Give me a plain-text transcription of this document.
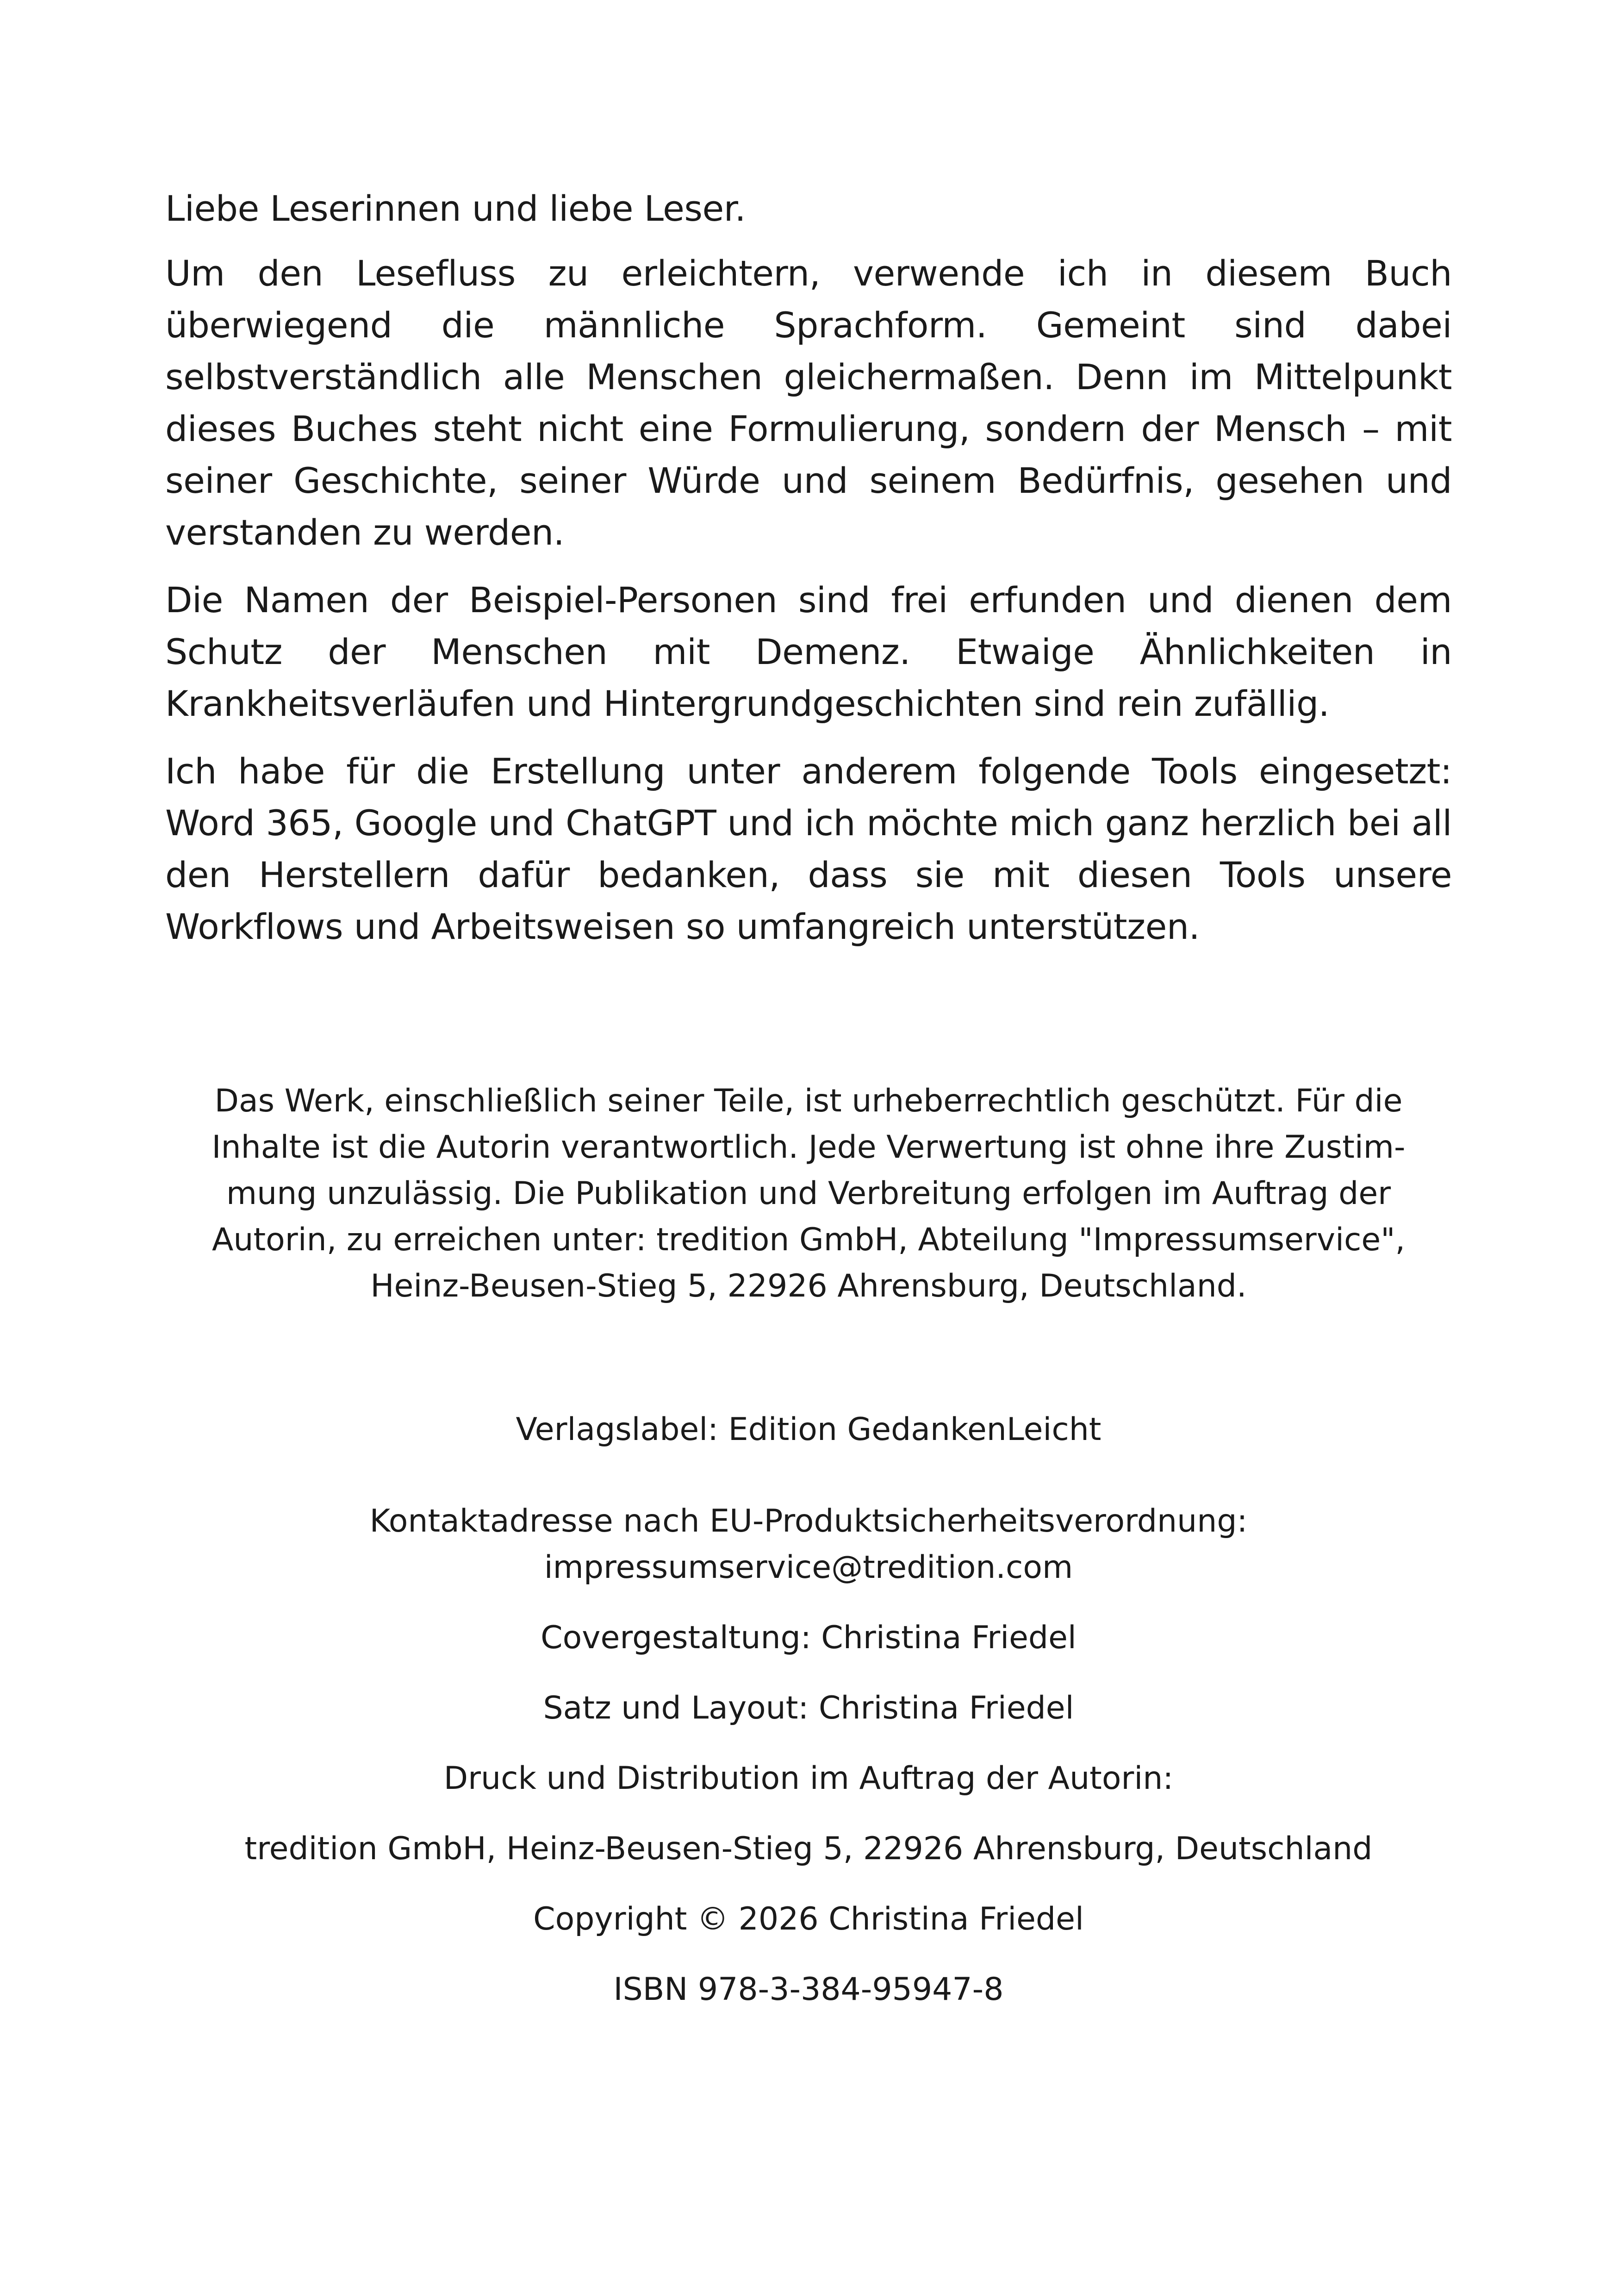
Liebe Leserinnen und liebe Leser.

Um den Lesefluss zu erleichtern, verwende ich in diesem Buch überwiegend die männliche Sprachform. Gemeint sind dabei selbstverständlich alle Menschen gleichermaßen. Denn im Mittelpunkt dieses Buches steht nicht eine Formulierung, sondern der Mensch – mit seiner Geschichte, seiner Würde und seinem Bedürfnis, gesehen und verstanden zu werden.

Die Namen der Beispiel-Personen sind frei erfunden und dienen dem Schutz der Menschen mit Demenz. Etwaige Ähnlichkeiten in Krankheitsverläufen und Hintergrundgeschichten sind rein zufällig.

Ich habe für die Erstellung unter anderem folgende Tools eingesetzt: Word 365, Google und ChatGPT und ich möchte mich ganz herzlich bei all den Herstellern dafür bedanken, dass sie mit diesen Tools unsere Workflows und Arbeitsweisen so umfangreich unterstützen.

Das Werk, einschließlich seiner Teile, ist urheberrechtlich geschützt. Für die

Inhalte ist die Autorin verantwortlich. Jede Verwertung ist ohne ihre Zustim-

mung unzulässig. Die Publikation und Verbreitung erfolgen im Auftrag der

Autorin, zu erreichen unter: tredition GmbH, Abteilung "Impressumservice",

Heinz-Beusen-Stieg 5, 22926 Ahrensburg, Deutschland.

Verlagslabel: Edition GedankenLeicht

Kontaktadresse nach EU-Produktsicherheitsverordnung:

impressumservice@tredition.com

Covergestaltung: Christina Friedel

Satz und Layout: Christina Friedel

Druck und Distribution im Auftrag der Autorin:

tredition GmbH, Heinz-Beusen-Stieg 5, 22926 Ahrensburg, Deutschland

Copyright © 2026 Christina Friedel

ISBN 978-3-384-95947-8
